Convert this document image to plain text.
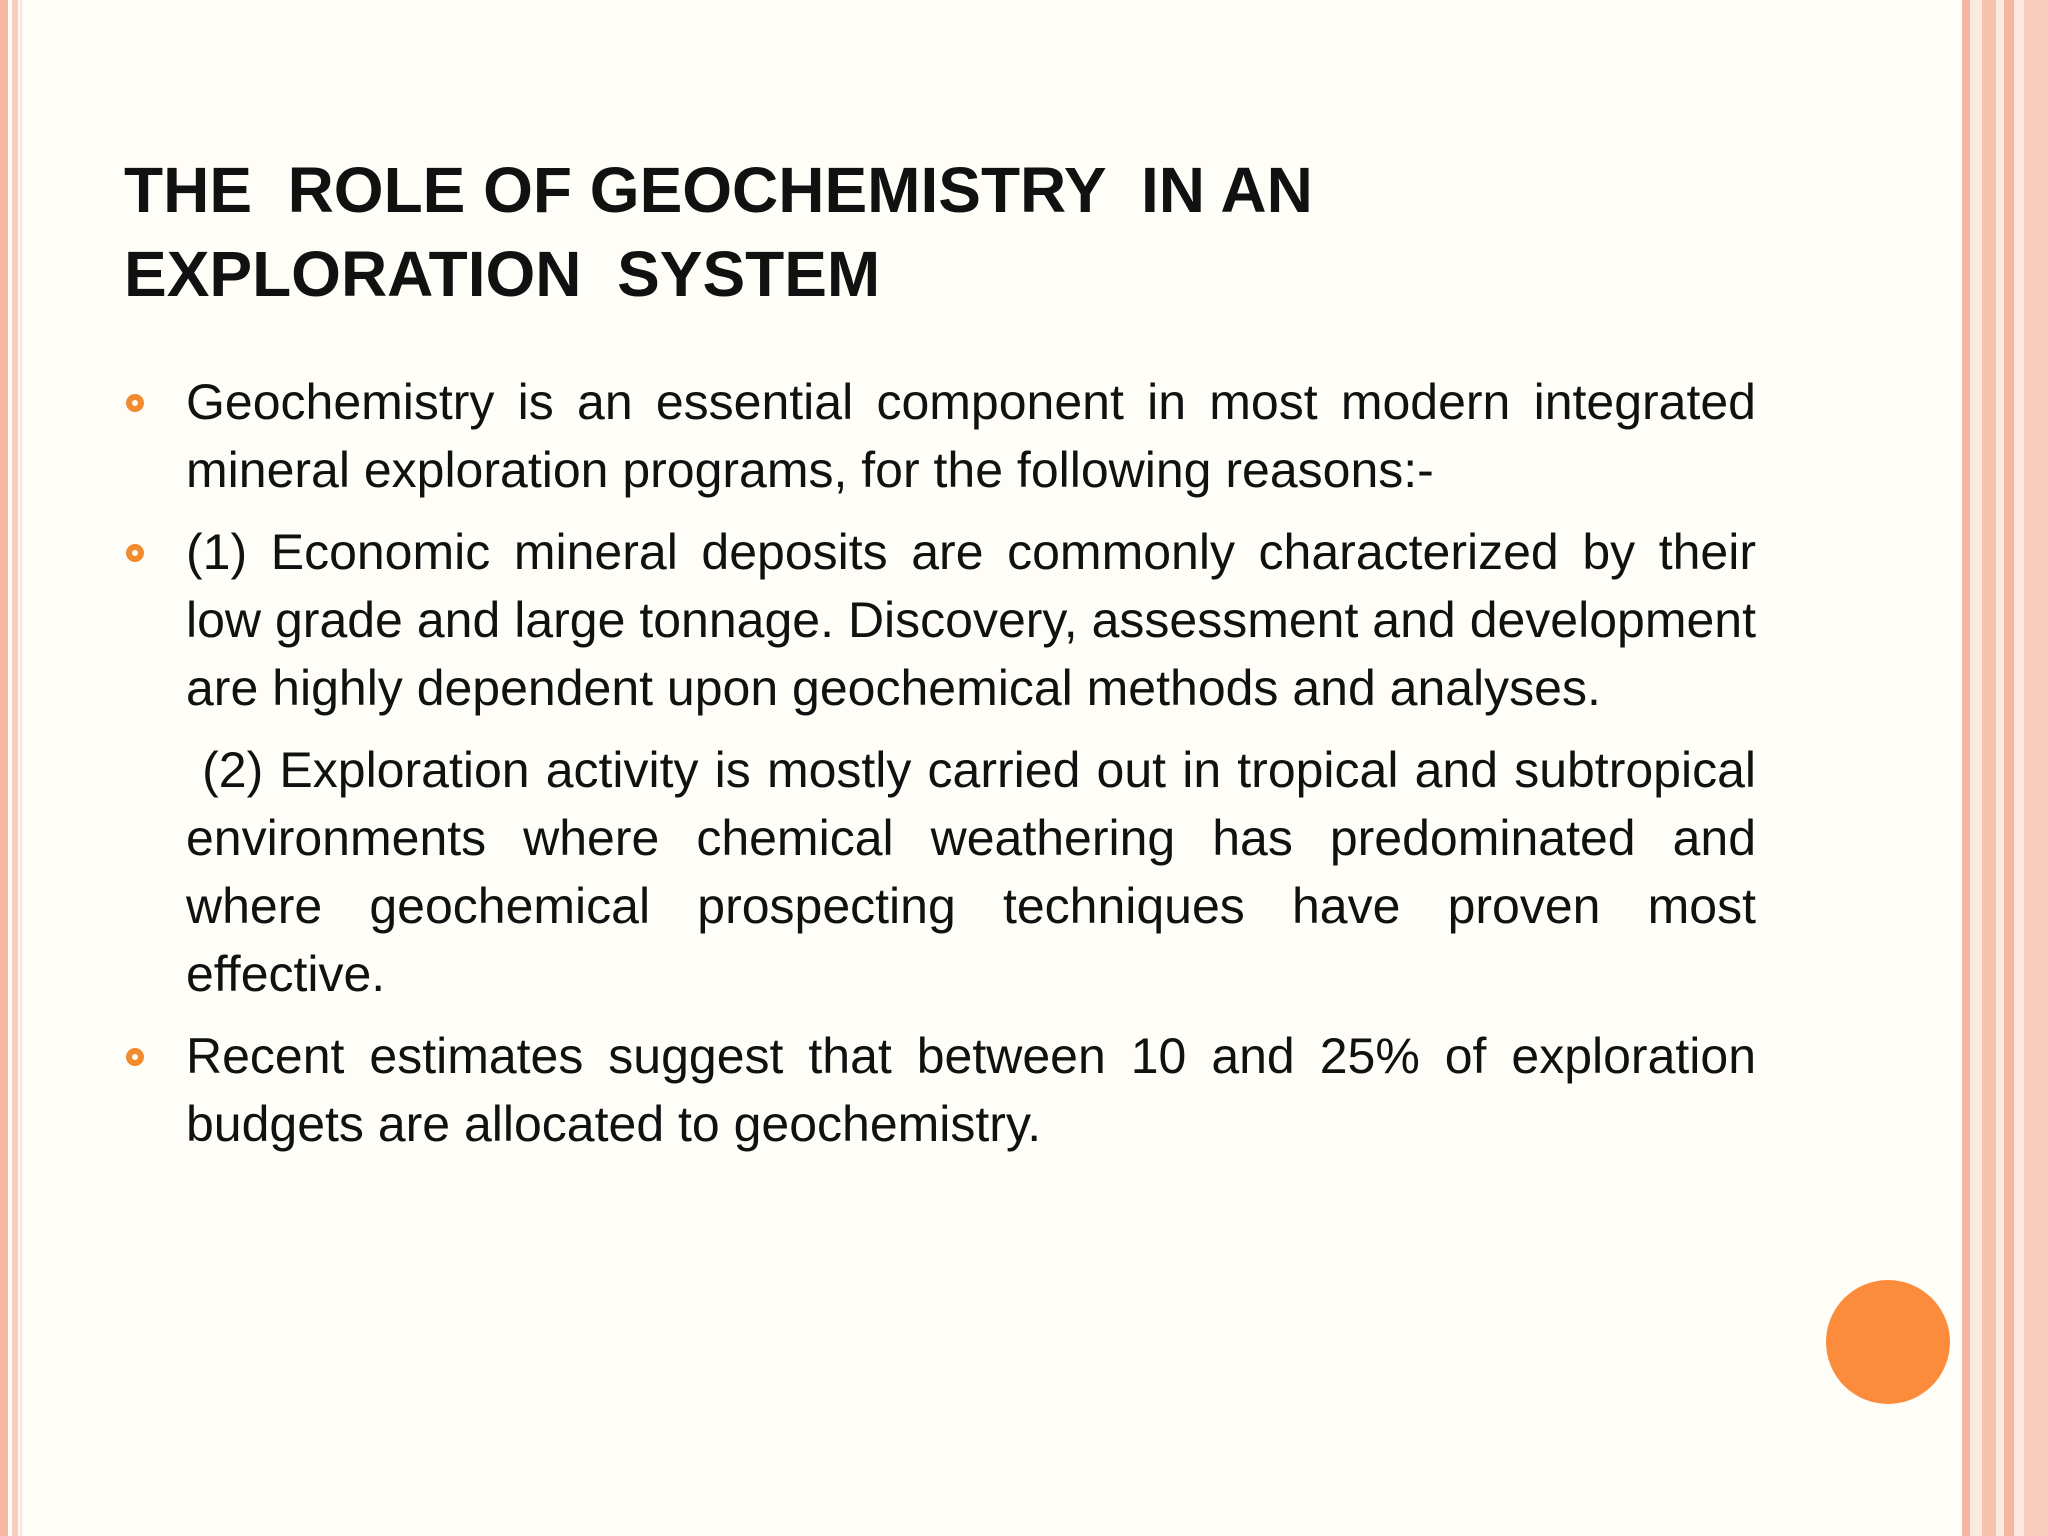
THE  ROLE OF GEOCHEMISTRY  IN AN
EXPLORATION  SYSTEM
Geochemistry is an essential component in most modern integrated mineral exploration programs, for the following reasons:-
(1) Economic mineral deposits are commonly characterized by their low grade and large tonnage. Discovery, assessment and development are highly dependent upon geochemical methods and analyses.
(2) Exploration activity is mostly carried out in tropical and subtropical environments where chemical weathering has predominated and where geochemical prospecting techniques have proven most effective.
Recent estimates suggest that between 10 and 25% of exploration budgets are allocated to geochemistry.
